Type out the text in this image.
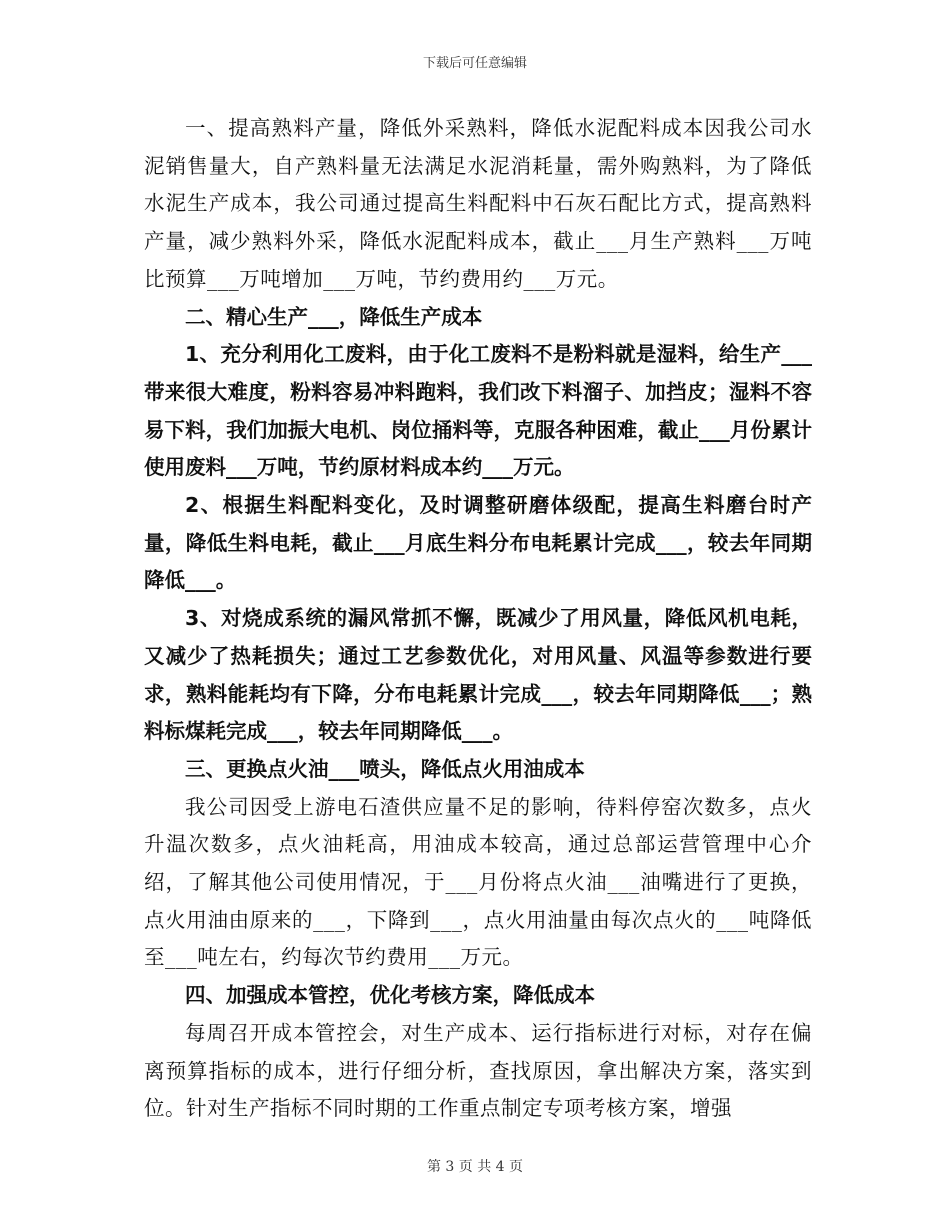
下载后可任意编辑

一、提高熟料产量，降低外采熟料，降低水泥配料成本因我公司水泥销售量大，自产熟料量无法满足水泥消耗量，需外购熟料，为了降低水泥生产成本，我公司通过提高生料配料中石灰石配比方式，提高熟料产量，减少熟料外采，降低水泥配料成本，截止___月生产熟料___万吨比预算___万吨增加___万吨，节约费用约___万元。

二、精心生产___，降低生产成本

1、充分利用化工废料，由于化工废料不是粉料就是湿料，给生产___带来很大难度，粉料容易冲料跑料，我们改下料溜子、加挡皮；湿料不容易下料，我们加振大电机、岗位捅料等，克服各种困难，截止___月份累计使用废料___万吨，节约原材料成本约___万元。

2、根据生料配料变化，及时调整研磨体级配，提高生料磨台时产量，降低生料电耗，截止___月底生料分布电耗累计完成___，较去年同期降低___。

3、对烧成系统的漏风常抓不懈，既减少了用风量，降低风机电耗，又减少了热耗损失；通过工艺参数优化，对用风量、风温等参数进行要求，熟料能耗均有下降，分布电耗累计完成___，较去年同期降低___；熟料标煤耗完成___，较去年同期降低___。

三、更换点火油___喷头，降低点火用油成本

我公司因受上游电石渣供应量不足的影响，待料停窑次数多，点火升温次数多，点火油耗高，用油成本较高，通过总部运营管理中心介绍，了解其他公司使用情况，于___月份将点火油___油嘴进行了更换，点火用油由原来的___，下降到___，点火用油量由每次点火的___吨降低至___吨左右，约每次节约费用___万元。

四、加强成本管控，优化考核方案，降低成本

每周召开成本管控会，对生产成本、运行指标进行对标，对存在偏离预算指标的成本，进行仔细分析，查找原因，拿出解决方案，落实到位。针对生产指标不同时期的工作重点制定专项考核方案，增强

第 3 页 共 4 页
